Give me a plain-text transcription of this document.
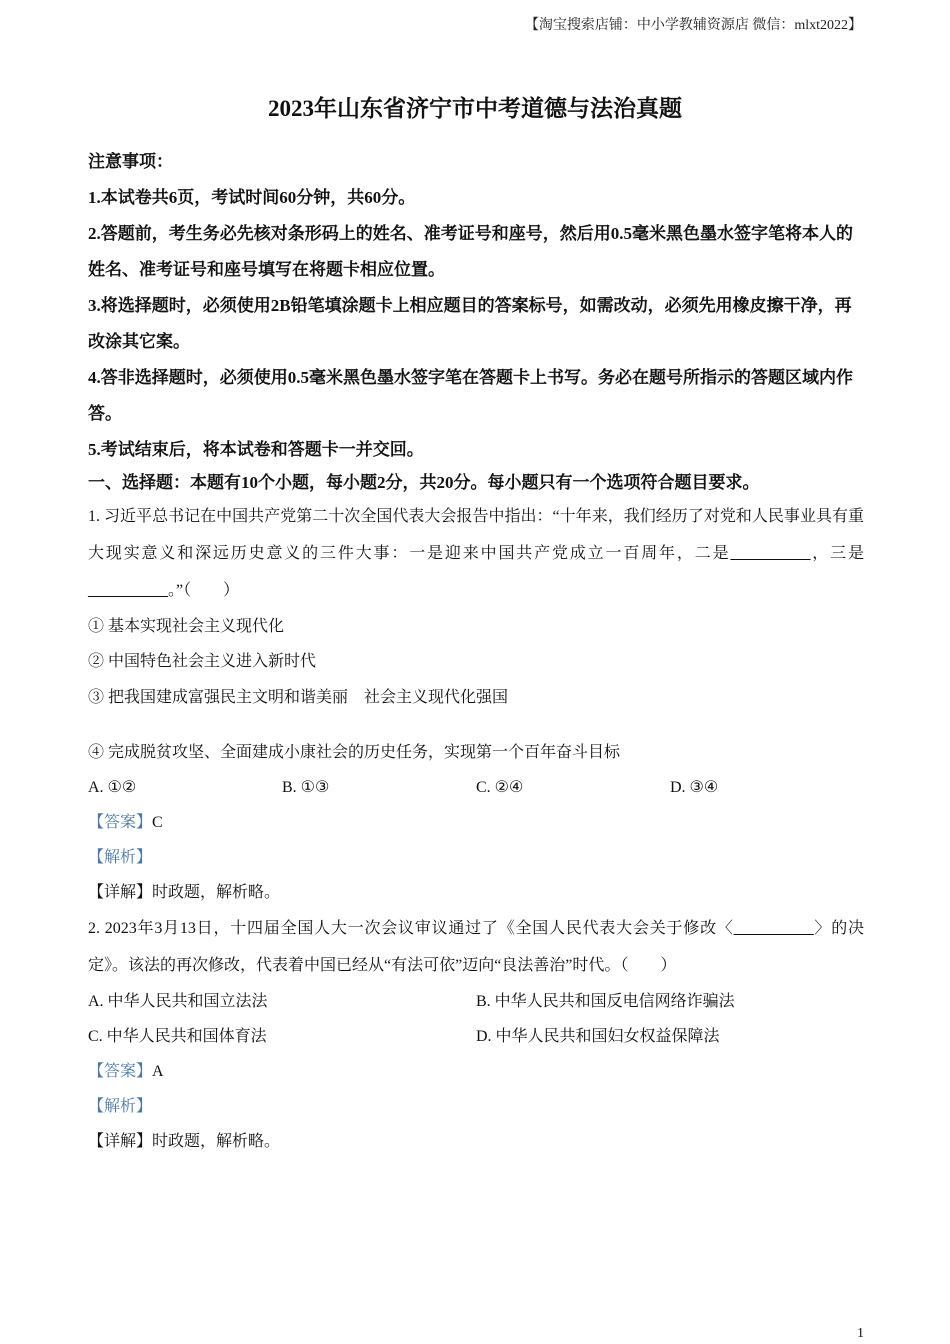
【淘宝搜索店铺：中小学教辅资源店 微信：mlxt2022】
2023年山东省济宁市中考道德与法治真题

注意事项：

1.本试卷共6页，考试时间60分钟，共60分。

2.答题前，考生务必先核对条形码上的姓名、准考证号和座号，然后用0.5毫米黑色墨水签字笔将本人的姓名、准考证号和座号填写在将题卡相应位置。

3.将选择题时，必须使用2B铅笔填涂题卡上相应题目的答案标号，如需改动，必须先用橡皮擦干净，再改涂其它案。

4.答非选择题时，必须使用0.5毫米黑色墨水签字笔在答题卡上书写。务必在题号所指示的答题区域内作答。

5.考试结束后，将本试卷和答题卡一并交回。

一、选择题：本题有10个小题，每小题2分，共20分。每小题只有一个选项符合题目要求。

1. 习近平总书记在中国共产党第二十次全国代表大会报告中指出：“十年来，我们经历了对党和人民事业具有重大现实意义和深远历史意义的三件大事：一是迎来中国共产党成立一百周年，二是__________，三是__________。”（　　）

① 基本实现社会主义现代化
② 中国特色社会主义进入新时代
③ 把我国建成富强民主文明和谐美丽　社会主义现代化强国
④ 完成脱贫攻坚、全面建成小康社会的历史任务，实现第一个百年奋斗目标
A. ①②	B. ①③	C. ②④	D. ③④
【答案】C
【解析】
【详解】时政题，解析略。

2. 2023年3月13日，十四届全国人大一次会议审议通过了《全国人民代表大会关于修改〈__________〉的决定》。该法的再次修改，代表着中国已经从“有法可依”迈向“良法善治”时代。（　　）

A. 中华人民共和国立法法	B. 中华人民共和国反电信网络诈骗法
C. 中华人民共和国体育法	D. 中华人民共和国妇女权益保障法
【答案】A
【解析】
【详解】时政题，解析略。
1
